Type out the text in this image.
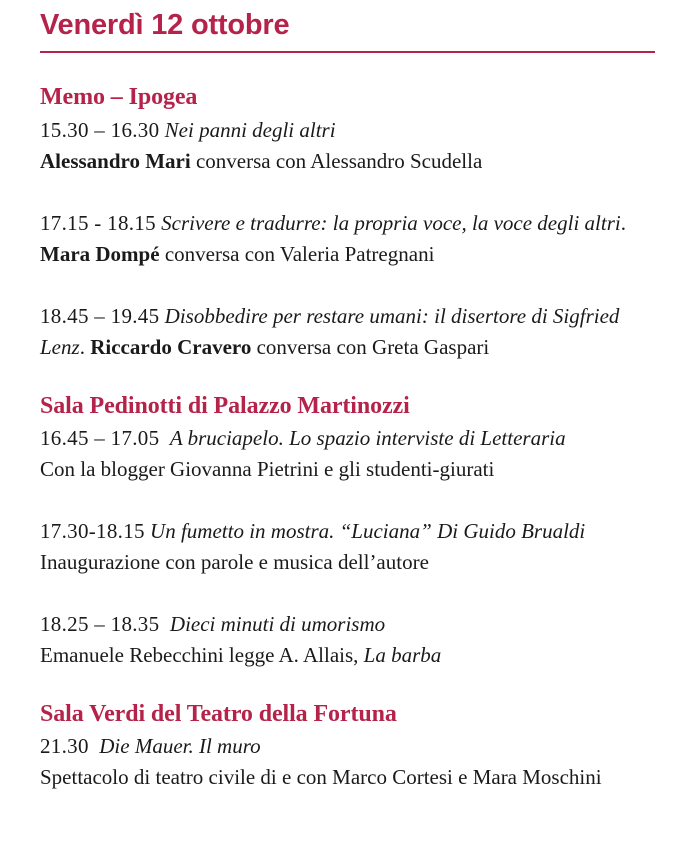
Venerdì 12 ottobre
Memo – Ipogea

15.30 – 16.30 Nei panni degli altri

Alessandro Mari conversa con Alessandro Scudella

17.15 - 18.15 Scrivere e tradurre: la propria voce, la voce degli altri. Mara Dompé conversa con Valeria Patregnani

18.45 – 19.45 Disobbedire per restare umani: il disertore di Sigfried Lenz. Riccardo Cravero conversa con Greta Gaspari

Sala Pedinotti di Palazzo Martinozzi

16.45 – 17.05 A bruciapelo. Lo spazio interviste di Letteraria

Con la blogger Giovanna Pietrini e gli studenti-giurati

17.30-18.15 Un fumetto in mostra. “Luciana” Di Guido Brualdi

Inaugurazione con parole e musica dell’autore

18.25 – 18.35 Dieci minuti di umorismo

Emanuele Rebecchini legge A. Allais, La barba

Sala Verdi del Teatro della Fortuna

21.30 Die Mauer. Il muro

Spettacolo di teatro civile di e con Marco Cortesi e Mara Moschini
